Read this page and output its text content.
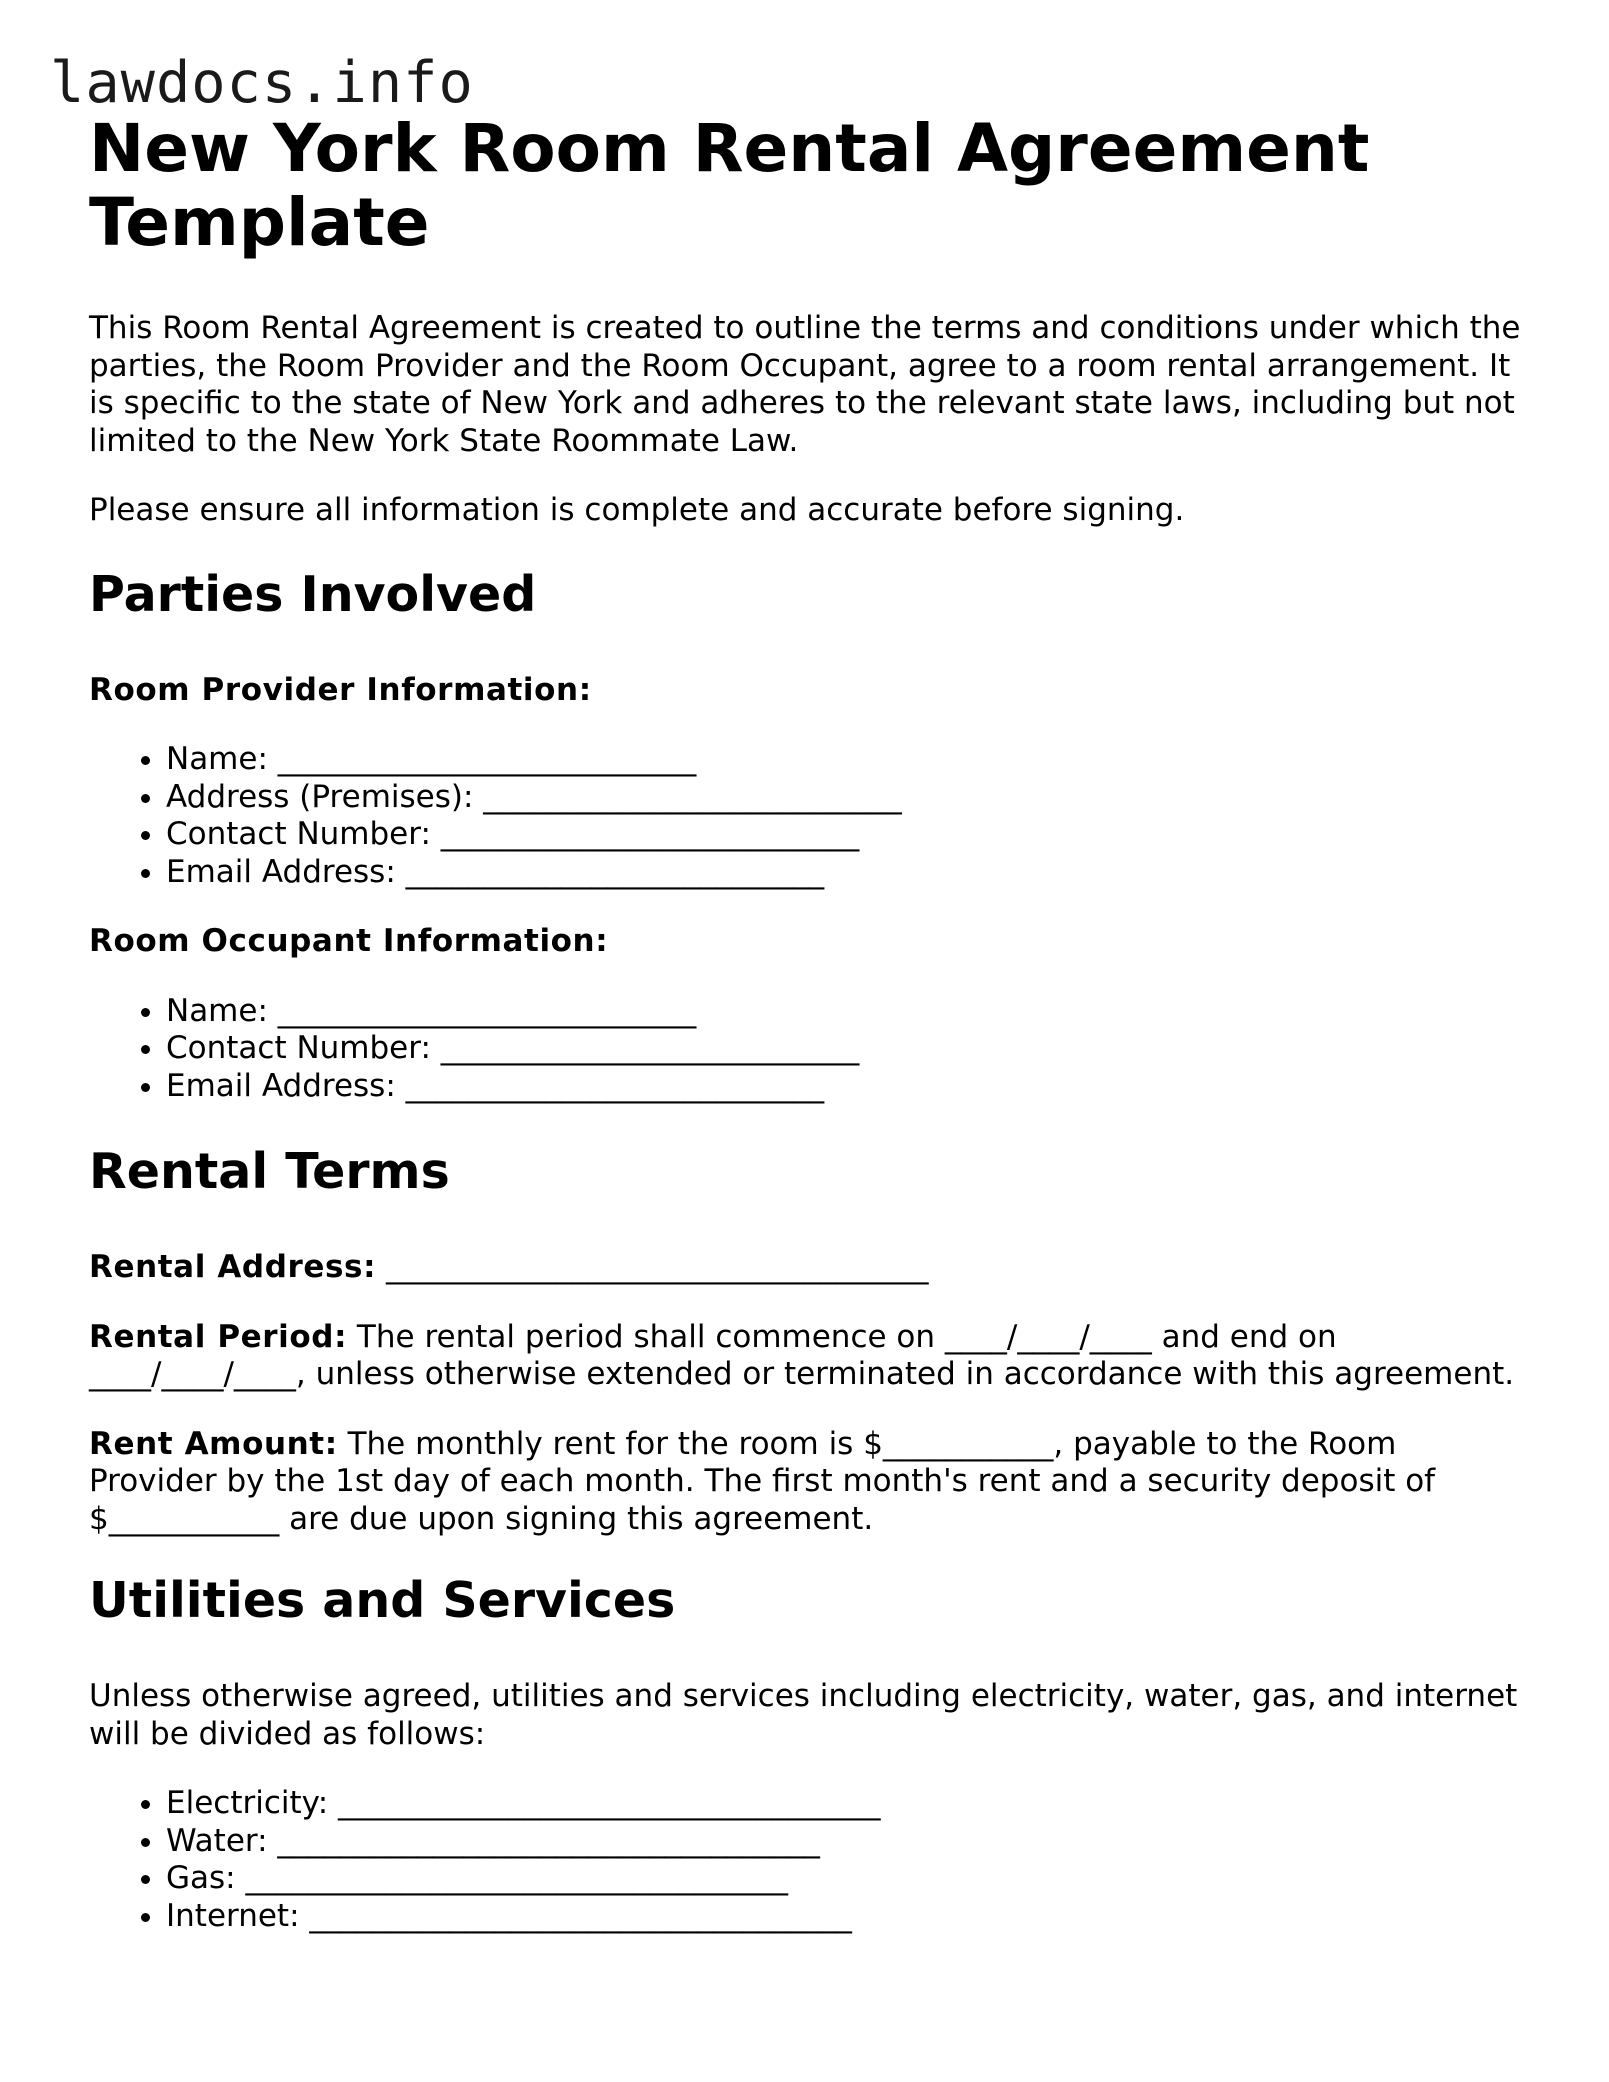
lawdocs.info
New York Room Rental Agreement Template

This Room Rental Agreement is created to outline the terms and conditions under which the parties, the Room Provider and the Room Occupant, agree to a room rental arrangement. It is specific to the state of New York and adheres to the relevant state laws, including but not limited to the New York State Roommate Law.

Please ensure all information is complete and accurate before signing.

Parties Involved
Room Provider Information:
• Name: ___________________________
• Address (Premises): ___________________________
• Contact Number: ___________________________
• Email Address: ___________________________
Room Occupant Information:
• Name: ___________________________
• Contact Number: ___________________________
• Email Address: ___________________________
Rental Terms

Rental Address: ___________________________________

Rental Period: The rental period shall commence on ____/____/____ and end on ____/____/____, unless otherwise extended or terminated in accordance with this agreement.

Rent Amount: The monthly rent for the room is $___________, payable to the Room Provider by the 1st day of each month. The first month's rent and a security deposit of $___________ are due upon signing this agreement.

Utilities and Services

Unless otherwise agreed, utilities and services including electricity, water, gas, and internet will be divided as follows:

• Electricity: ___________________________________
• Water: ___________________________________
• Gas: ___________________________________
• Internet: ___________________________________
